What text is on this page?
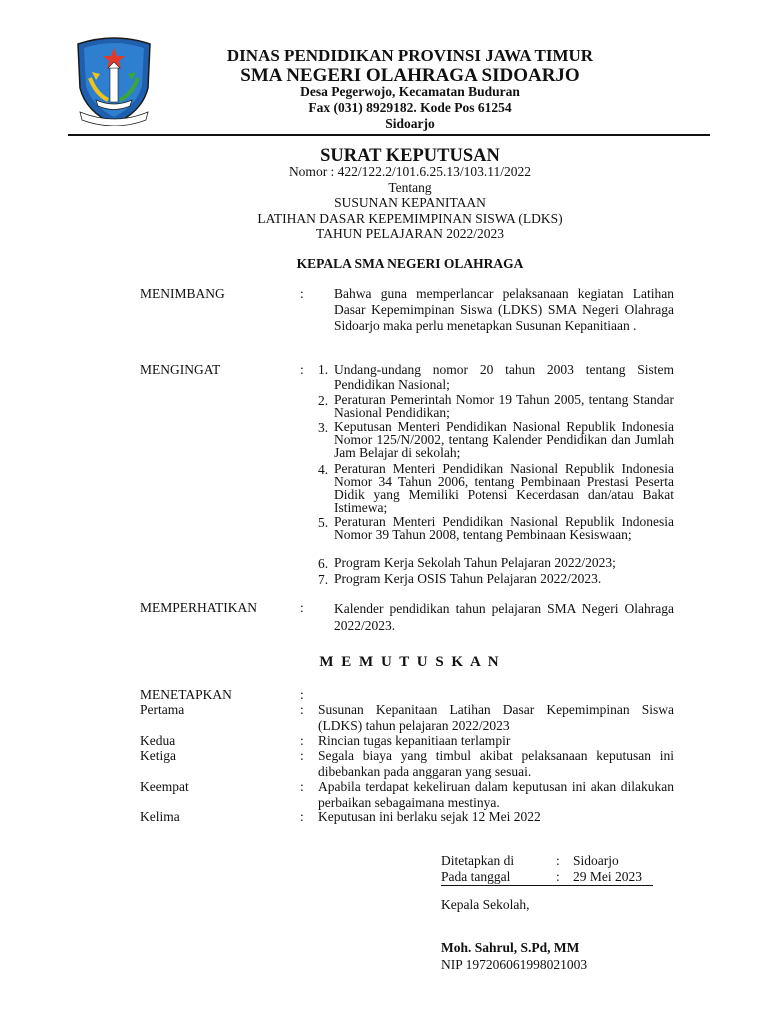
DINAS PENDIDIKAN PROVINSI JAWA TIMUR
SMA NEGERI OLAHRAGA SIDOARJO
Desa Pegerwojo, Kecamatan Buduran
Fax (031) 8929182. Kode Pos 61254
Sidoarjo
SURAT KEPUTUSAN
Nomor : 422/122.2/101.6.25.13/103.11/2022
Tentang
SUSUNAN KEPANITAAN
LATIHAN DASAR KEPEMIMPINAN SISWA (LDKS)
TAHUN PELAJARAN 2022/2023
KEPALA SMA NEGERI OLAHRAGA
MENIMBANG	: Bahwa guna memperlancar pelaksanaan kegiatan Latihan Dasar Kepemimpinan Siswa (LDKS) SMA Negeri Olahraga Sidoarjo maka perlu menetapkan Susunan Kepanitiaan .
MENGINGAT	: 1. Undang-undang nomor 20 tahun 2003 tentang Sistem Pendidikan Nasional;
2. Peraturan Pemerintah Nomor 19 Tahun 2005, tentang Standar Nasional Pendidikan;
3. Keputusan Menteri Pendidikan Nasional Republik Indonesia Nomor 125/N/2002, tentang Kalender Pendidikan dan Jumlah Jam Belajar di sekolah;
4. Peraturan Menteri Pendidikan Nasional Republik Indonesia Nomor 34 Tahun 2006, tentang Pembinaan Prestasi Peserta Didik yang Memiliki Potensi Kecerdasan dan/atau Bakat Istimewa;
5. Peraturan Menteri Pendidikan Nasional Republik Indonesia Nomor 39 Tahun 2008, tentang Pembinaan Kesiswaan;
6. Program Kerja Sekolah Tahun Pelajaran 2022/2023;
7. Program Kerja OSIS Tahun Pelajaran 2022/2023.
MEMPERHATIKAN	: Kalender pendidikan tahun pelajaran SMA Negeri Olahraga 2022/2023.
M E M U T U S K A N
MENETAPKAN	:
Pertama	: Susunan Kepanitaan Latihan Dasar Kepemimpinan Siswa (LDKS) tahun pelajaran 2022/2023
Kedua	: Rincian tugas kepanitiaan terlampir
Ketiga	: Segala biaya yang timbul akibat pelaksanaan keputusan ini dibebankan pada anggaran yang sesuai.
Keempat	: Apabila terdapat kekeliruan dalam keputusan ini akan dilakukan perbaikan sebagaimana mestinya.
Kelima	: Keputusan ini berlaku sejak 12 Mei 2022
Ditetapkan di	: Sidoarjo
Pada tanggal	: 29 Mei 2023
Kepala Sekolah,
Moh. Sahrul, S.Pd, MM
NIP 197206061998021003
